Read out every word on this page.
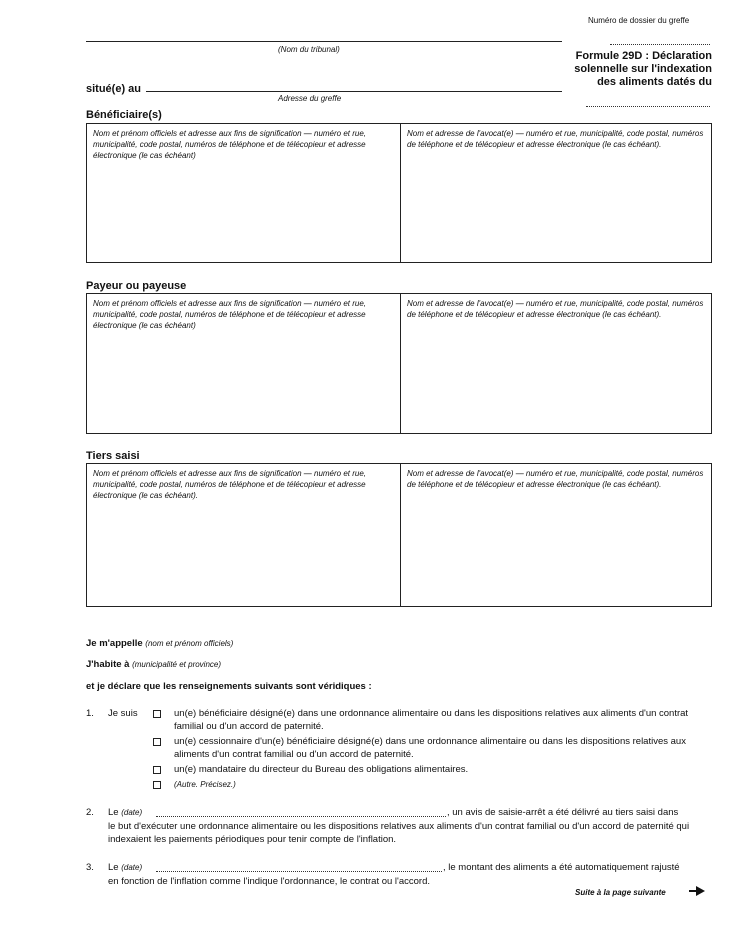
Numéro de dossier du greffe
(Nom du tribunal)
situé(e) au
Adresse du greffe
Formule 29D : Déclaration
solennelle sur l'indexation
des aliments datés du
Bénéficiaire(s)
Nom et prénom officiels et adresse aux fins de signification — numéro et rue, municipalité, code postal, numéros de téléphone et de télécopieur et adresse électronique (le cas échéant)
Nom et adresse de l'avocat(e) — numéro et rue, municipalité, code postal, numéros de téléphone et de télécopieur et adresse électronique (le cas échéant).
Payeur ou payeuse
Nom et prénom officiels et adresse aux fins de signification — numéro et rue, municipalité, code postal, numéros de téléphone et de télécopieur et adresse électronique (le cas échéant)
Nom et adresse de l'avocat(e) — numéro et rue, municipalité, code postal, numéros de téléphone et de télécopieur et adresse électronique (le cas échéant).
Tiers saisi
Nom et prénom officiels et adresse aux fins de signification — numéro et rue, municipalité, code postal, numéros de téléphone et de télécopieur et adresse électronique (le cas échéant).
Nom et adresse de l'avocat(e) — numéro et rue, municipalité, code postal, numéros de téléphone et de télécopieur et adresse électronique (le cas échéant).
Je m'appelle (nom et prénom officiels)
J'habite à (municipalité et province)
et je déclare que les renseignements suivants sont véridiques :
1. Je suis	un(e) bénéficiaire désigné(e) dans une ordonnance alimentaire ou dans les dispositions relatives aux aliments d'un contrat familial ou d'un accord de paternité.
un(e) cessionnaire d'un(e) bénéficiaire désigné(e) dans une ordonnance alimentaire ou dans les dispositions relatives aux aliments d'un contrat familial ou d'un accord de paternité.
un(e) mandataire du directeur du Bureau des obligations alimentaires.
(Autre. Précisez.)
2. Le (date)	, un avis de saisie-arrêt a été délivré au tiers saisi dans
le but d'exécuter une ordonnance alimentaire ou les dispositions relatives aux aliments d'un contrat familial ou d'un accord de paternité qui indexaient les paiements périodiques pour tenir compte de l'inflation.
3. Le (date)	, le montant des aliments a été automatiquement rajusté
en fonction de l'inflation comme l'indique l'ordonnance, le contrat ou l'accord.
Suite à la page suivante
